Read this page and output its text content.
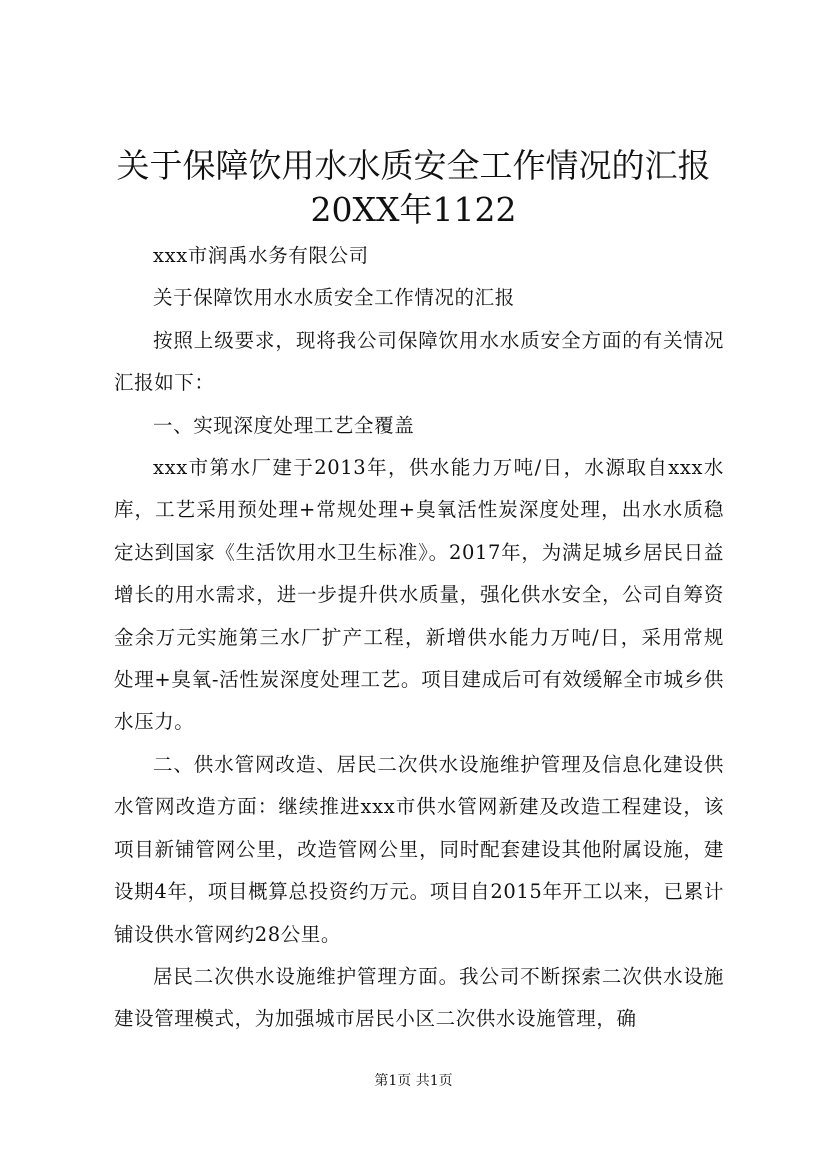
关于保障饮用水水质安全工作情况的汇报
20XX年1122

xxx市润禹水务有限公司

关于保障饮用水水质安全工作情况的汇报

按照上级要求，现将我公司保障饮用水水质安全方面的有关情况汇报如下：

一、实现深度处理工艺全覆盖

xxx市第水厂建于2013年，供水能力万吨/日，水源取自xxx水库，工艺采用预处理+常规处理+臭氧活性炭深度处理，出水水质稳定达到国家《生活饮用水卫生标准》。2017年，为满足城乡居民日益增长的用水需求，进一步提升供水质量，强化供水安全，公司自筹资金余万元实施第三水厂扩产工程，新增供水能力万吨/日，采用常规处理+臭氧-活性炭深度处理工艺。项目建成后可有效缓解全市城乡供水压力。

二、供水管网改造、居民二次供水设施维护管理及信息化建设供水管网改造方面：继续推进xxx市供水管网新建及改造工程建设，该项目新铺管网公里，改造管网公里，同时配套建设其他附属设施，建设期4年，项目概算总投资约万元。项目自2015年开工以来，已累计铺设供水管网约28公里。

居民二次供水设施维护管理方面。我公司不断探索二次供水设施建设管理模式，为加强城市居民小区二次供水设施管理，确

第1页 共1页
